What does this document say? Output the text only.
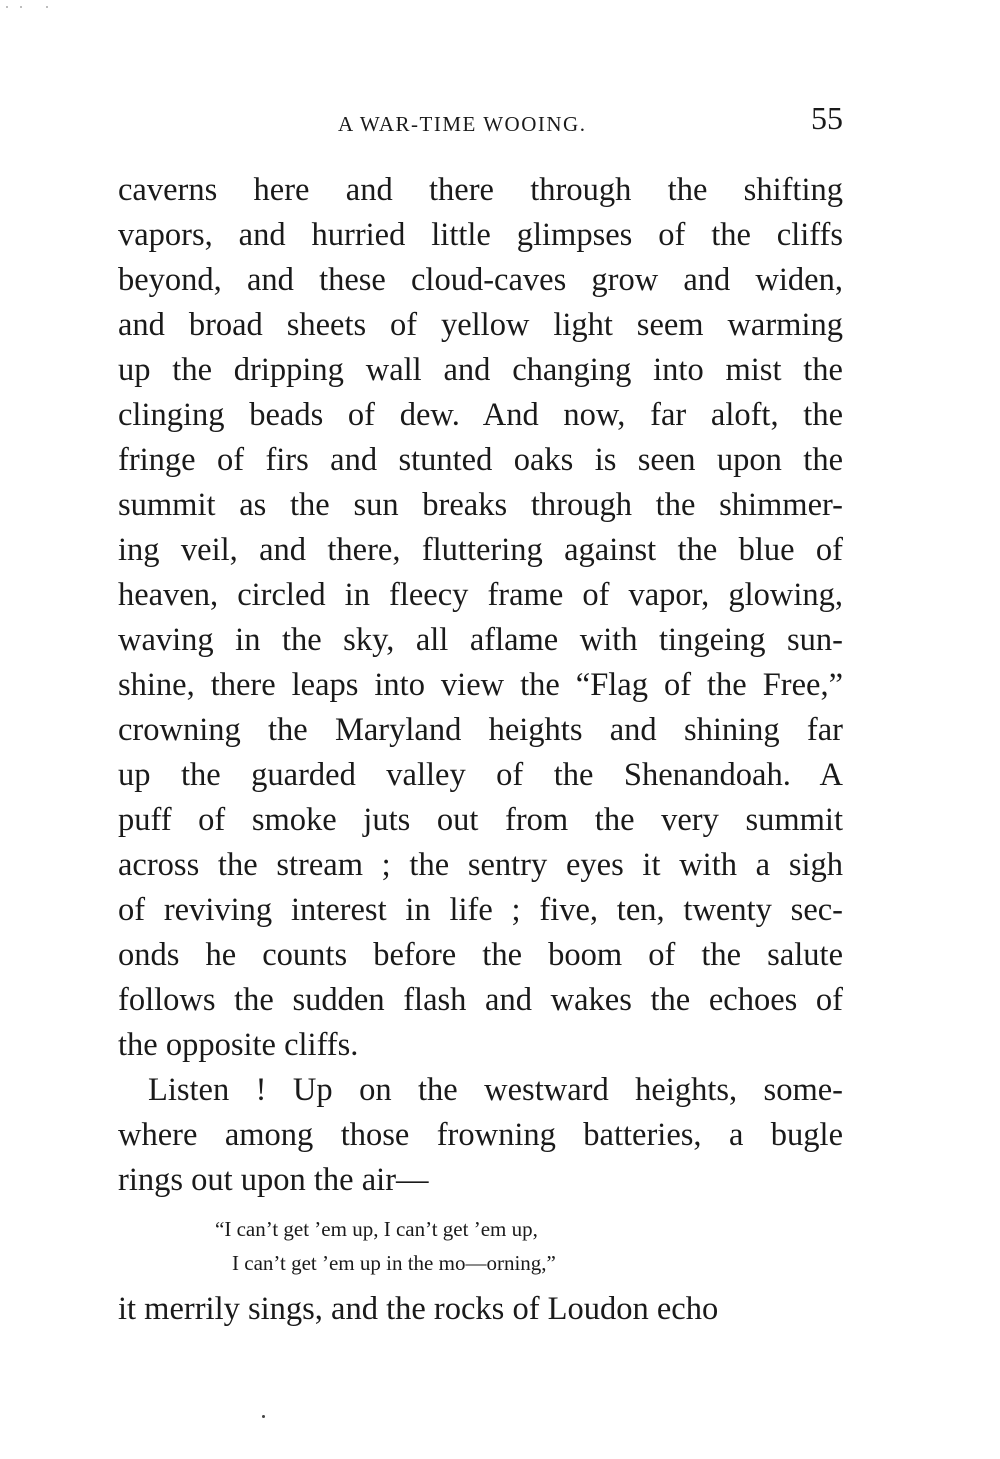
A WAR-TIME WOOING.	55
caverns here and there through the shifting
vapors, and hurried little glimpses of the cliffs
beyond, and these cloud-caves grow and widen,
and broad sheets of yellow light seem warming
up the dripping wall and changing into mist the
clinging beads of dew. And now, far aloft, the
fringe of firs and stunted oaks is seen upon the
summit as the sun breaks through the shimmer-
ing veil, and there, fluttering against the blue of
heaven, circled in fleecy frame of vapor, glowing,
waving in the sky, all aflame with tingeing sun-
shine, there leaps into view the “Flag of the Free,”
crowning the Maryland heights and shining far
up the guarded valley of the Shenandoah. A
puff of smoke juts out from the very summit
across the stream ; the sentry eyes it with a sigh
of reviving interest in life ; five, ten, twenty sec-
onds he counts before the boom of the salute
follows the sudden flash and wakes the echoes of
the opposite cliffs.
Listen ! Up on the westward heights, some-
where among those frowning batteries, a bugle
rings out upon the air—
“I can’t get ’em up, I can’t get ’em up,
I can’t get ’em up in the mo—orning,”
it merrily sings, and the rocks of Loudon echo
